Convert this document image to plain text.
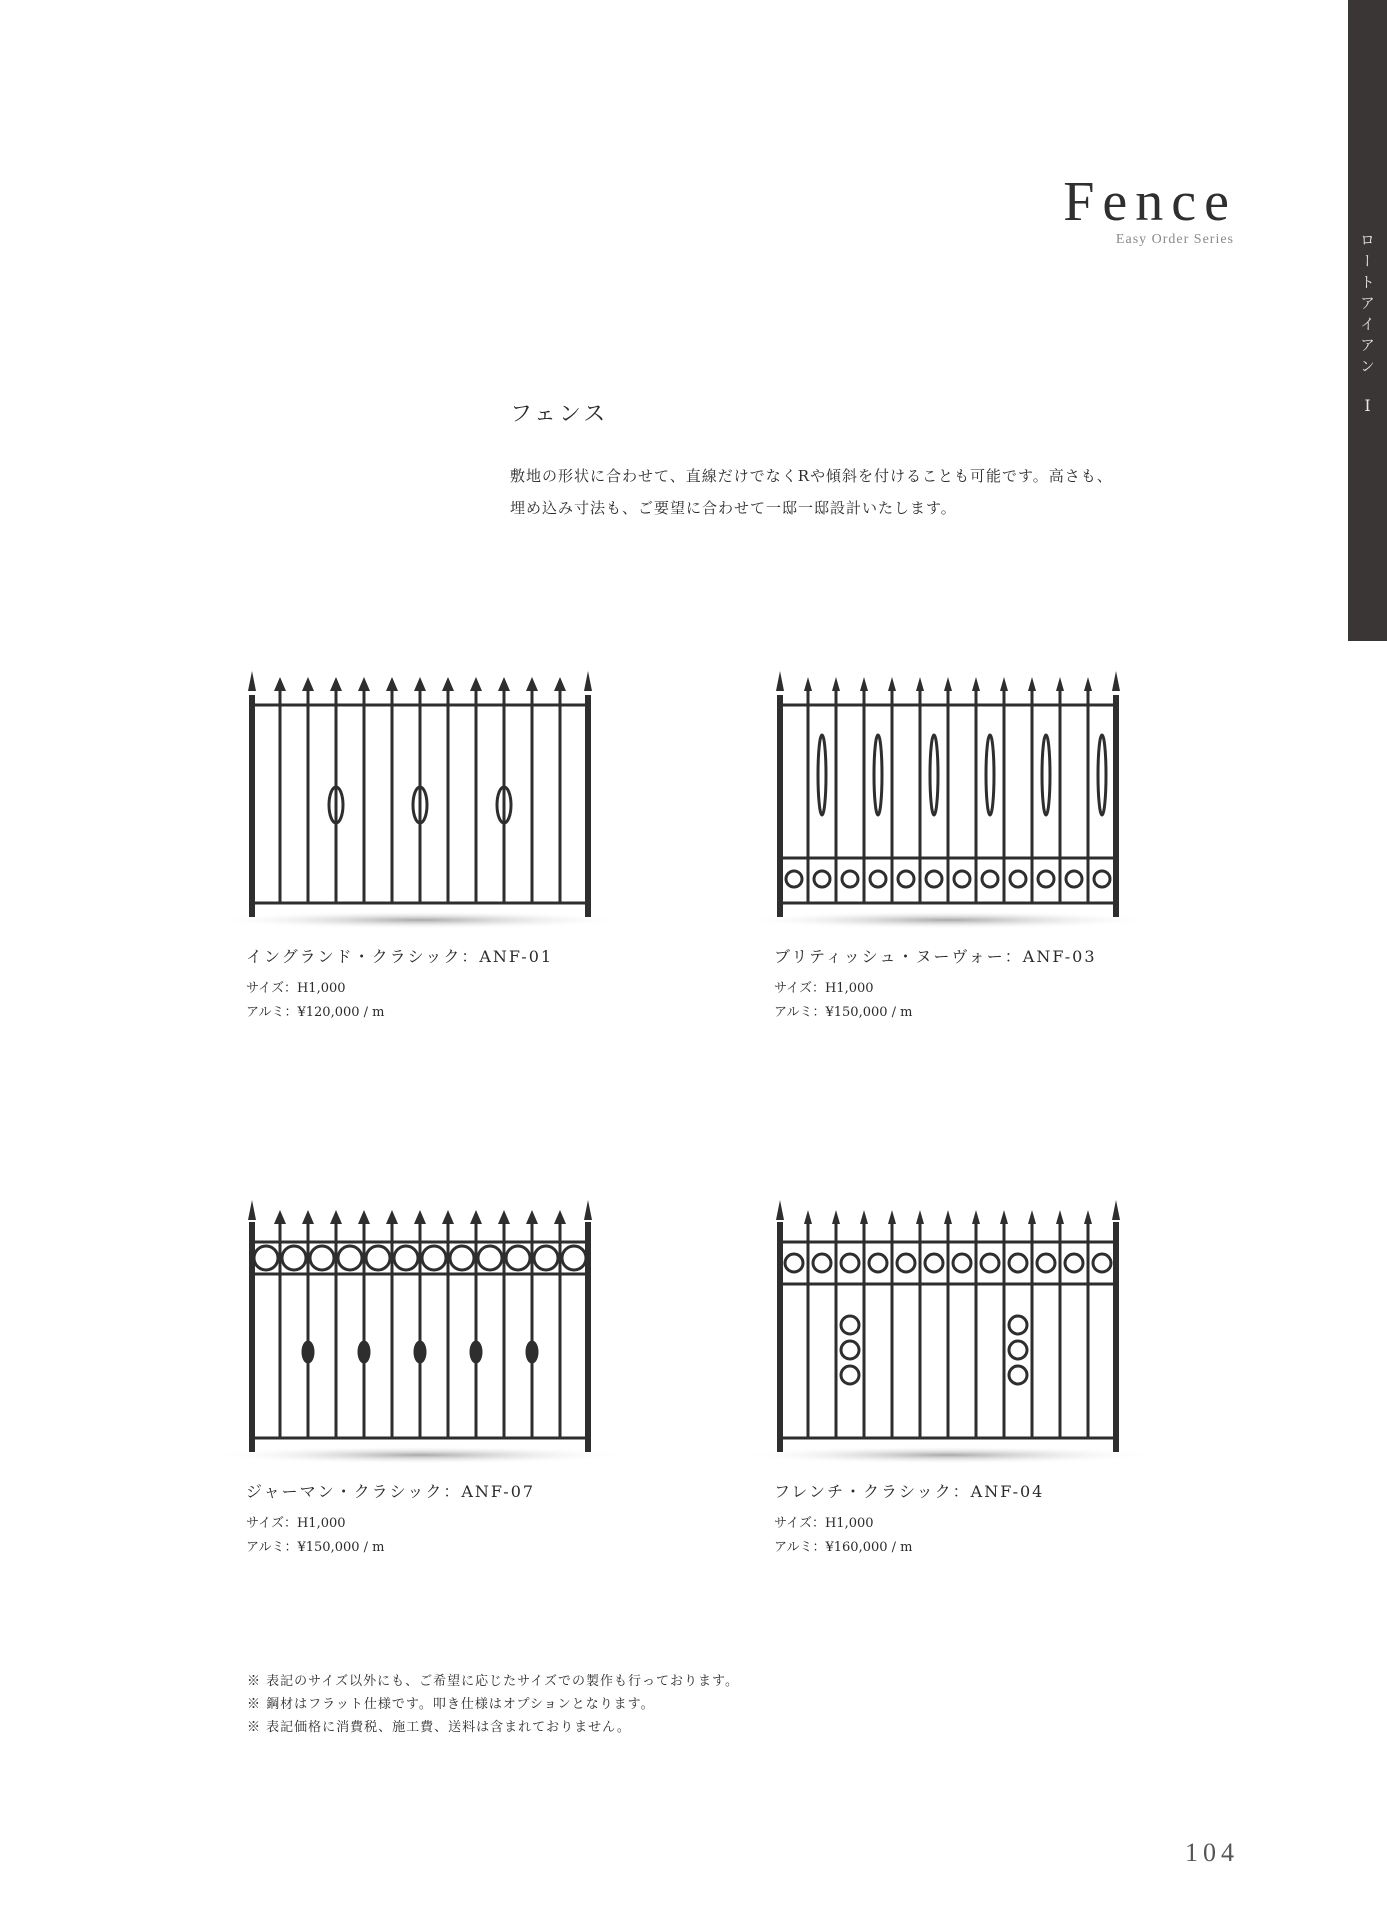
ロートアイアン
I
Fence
Easy Order Series
フェンス
敷地の形状に合わせて、直線だけでなくRや傾斜を付けることも可能です。高さも、
埋め込み寸法も、ご要望に合わせて一邸一邸設計いたします。
イングランド・クラシック：ANF-01
サイズ：H1,000
アルミ：¥120,000 / m
ブリティッシュ・ヌーヴォー：ANF-03
サイズ：H1,000
アルミ：¥150,000 / m
ジャーマン・クラシック：ANF-07
サイズ：H1,000
アルミ：¥150,000 / m
フレンチ・クラシック：ANF-04
サイズ：H1,000
アルミ：¥160,000 / m
※ 表記のサイズ以外にも、ご希望に応じたサイズでの製作も行っております。
※ 鋼材はフラット仕様です。叩き仕様はオプションとなります。
※ 表記価格に消費税、施工費、送料は含まれておりません。
104
